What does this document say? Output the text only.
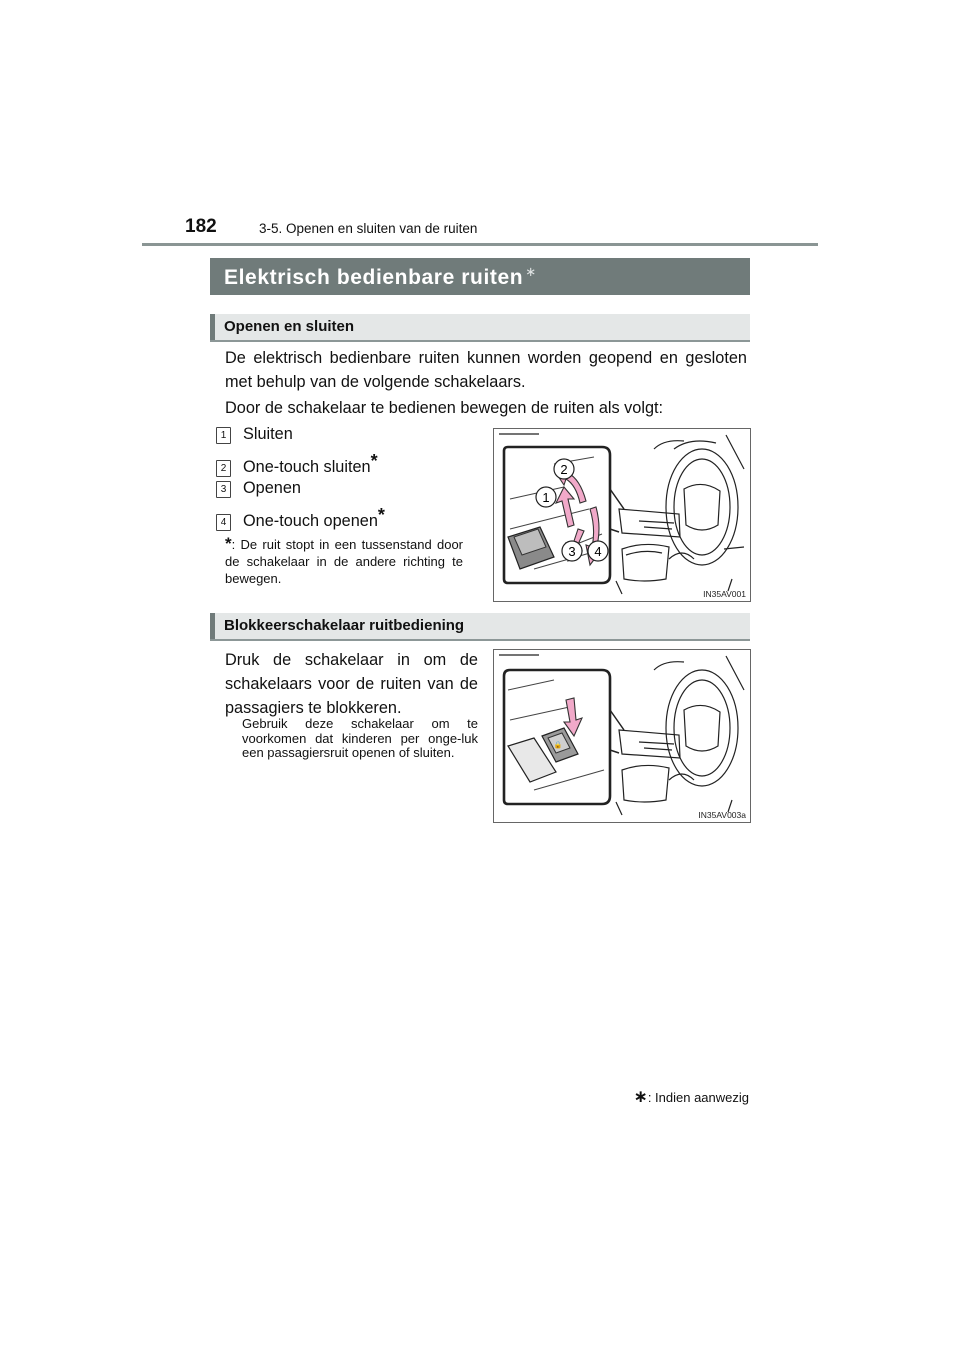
182	3-5. Openen en sluiten van de ruiten
Elektrisch bedienbare ruiten ∗
Openen en sluiten
De elektrisch bedienbare ruiten kunnen worden geopend en gesloten met behulp van de volgende schakelaars.
Door de schakelaar te bedienen bewegen de ruiten als volgt:
1 Sluiten
2 One-touch sluiten*
3 Openen
4 One-touch openen*
*: De ruit stopt in een tussenstand door de schakelaar in de andere richting te bewegen.
2
1
3 4
IN35AV001
Blokkeerschakelaar ruitbediening
Druk de schakelaar in om de schakelaars voor de ruiten van de passagiers te blokkeren.
Gebruik deze schakelaar om te voorkomen dat kinderen per onge-luk een passagiersruit openen of sluiten.	🔒
IN35AV003a
∗: Indien aanwezig
